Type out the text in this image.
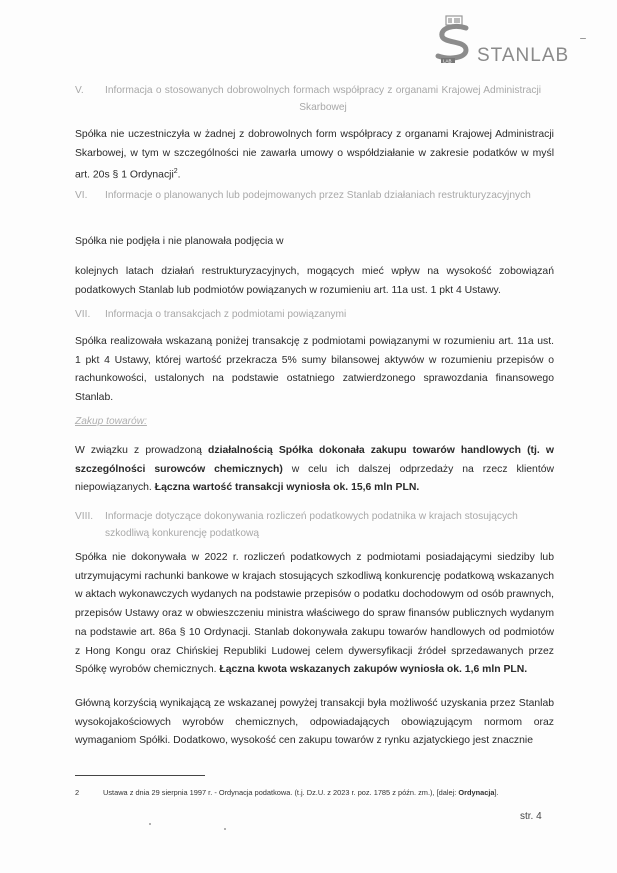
LAB STANLAB
V.	Informacja o stosowanych dobrowolnych formach współpracy z organami Krajowej Administracji Skarbowej
Spółka nie uczestniczyła w żadnej z dobrowolnych form współpracy z organami Krajowej Administracji Skarbowej, w tym w szczególności nie zawarła umowy o współdziałanie w zakresie podatków w myśl art. 20s § 1 Ordynacji$^2$.
VI.	Informacje o planowanych lub podejmowanych przez Stanlab działaniach restrukturyzacyjnych
Spółka nie podjęła i nie planowała podjęcia w
kolejnych latach działań restrukturyzacyjnych, mogących mieć wpływ na wysokość zobowiązań podatkowych Stanlab lub podmiotów powiązanych w rozumieniu art. 11a ust. 1 pkt 4 Ustawy.
VII. Informacja o transakcjach z podmiotami powiązanymi
Spółka realizowała wskazaną poniżej transakcję z podmiotami powiązanymi w rozumieniu art. 11a ust. 1 pkt 4 Ustawy, której wartość przekracza 5% sumy bilansowej aktywów w rozumieniu przepisów o rachunkowości, ustalonych na podstawie ostatniego zatwierdzonego sprawozdania finansowego Stanlab.
Zakup towarów:
W związku z prowadzoną działalnością Spółka dokonała zakupu towarów handlowych (tj. w szczególności surowców chemicznych) w celu ich dalszej odprzedaży na rzecz klientów niepowiązanych. Łączna wartość transakcji wyniosła ok. 15,6 mln PLN.
VIII.	Informacje dotyczące dokonywania rozliczeń podatkowych podatnika w krajach stosujących szkodliwą konkurencję podatkową
Spółka nie dokonywała w 2022 r. rozliczeń podatkowych z podmiotami posiadającymi siedziby lub utrzymującymi rachunki bankowe w krajach stosujących szkodliwą konkurencję podatkową wskazanych w aktach wykonawczych wydanych na podstawie przepisów o podatku dochodowym od osób prawnych, przepisów Ustawy oraz w obwieszczeniu ministra właściwego do spraw finansów publicznych wydanym na podstawie art. 86a § 10 Ordynacji. Stanlab dokonywała zakupu towarów handlowych od podmiotów z Hong Kongu oraz Chińskiej Republiki Ludowej celem dywersyfikacji źródeł sprzedawanych przez Spółkę wyrobów chemicznych. Łączna kwota wskazanych zakupów wyniosła ok. 1,6 mln PLN.
Główną korzyścią wynikającą ze wskazanej powyżej transakcji była możliwość uzyskania przez Stanlab wysokojakościowych wyrobów chemicznych, odpowiadających obowiązującym normom oraz wymaganiom Spółki. Dodatkowo, wysokość cen zakupu towarów z rynku azjatyckiego jest znacznie
2	Ustawa z dnia 29 sierpnia 1997 r. - Ordynacja podatkowa. (t.j. Dz.U. z 2023 r. poz. 1785 z późn. zm.), [dalej: Ordynacja].
str. 4
